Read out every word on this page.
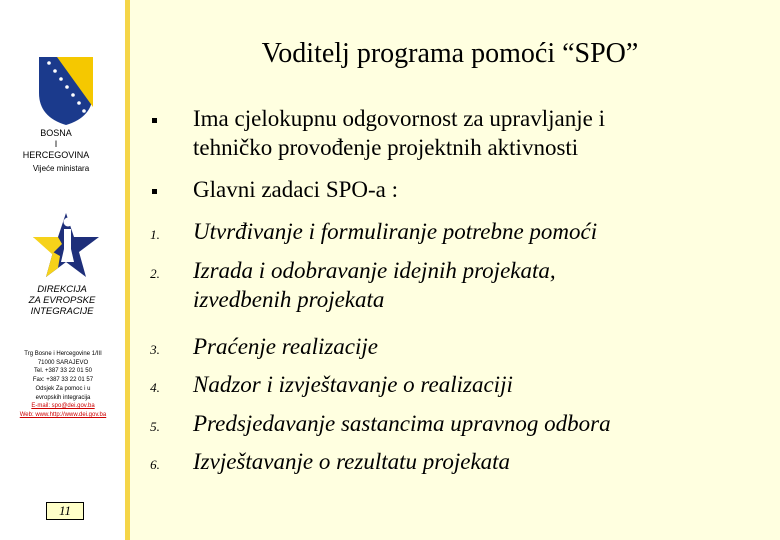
Voditelj programa pomoći “SPO”
BOSNA
I
HERCEGOVINA
Vijeće ministara
DIREKCIJA
ZA EVROPSKE
INTEGRACIJE
Trg Bosne i Hercegovine 1/III
71000 SARAJEVO
Tel. +387 33 22 01 50
Fax: +387 33 22 01 57
Odsjek Za pomoc i u
evropskih integracija
E-mail: spo@dei.gov.ba
Web: www.http://www.dei.gov.ba
11
1.
2.
3.
4.
5.
6.
Ima cjelokupnu odgovornost za upravljanje i
tehničko provođenje projektnih aktivnosti
Glavni zadaci SPO-a :
Utvrđivanje i formuliranje potrebne pomoći
Izrada i odobravanje idejnih projekata,
izvedbenih projekata
Praćenje realizacije
Nadzor i izvještavanje o realizaciji
Predsjedavanje sastancima upravnog odbora
Izvještavanje o rezultatu projekata
